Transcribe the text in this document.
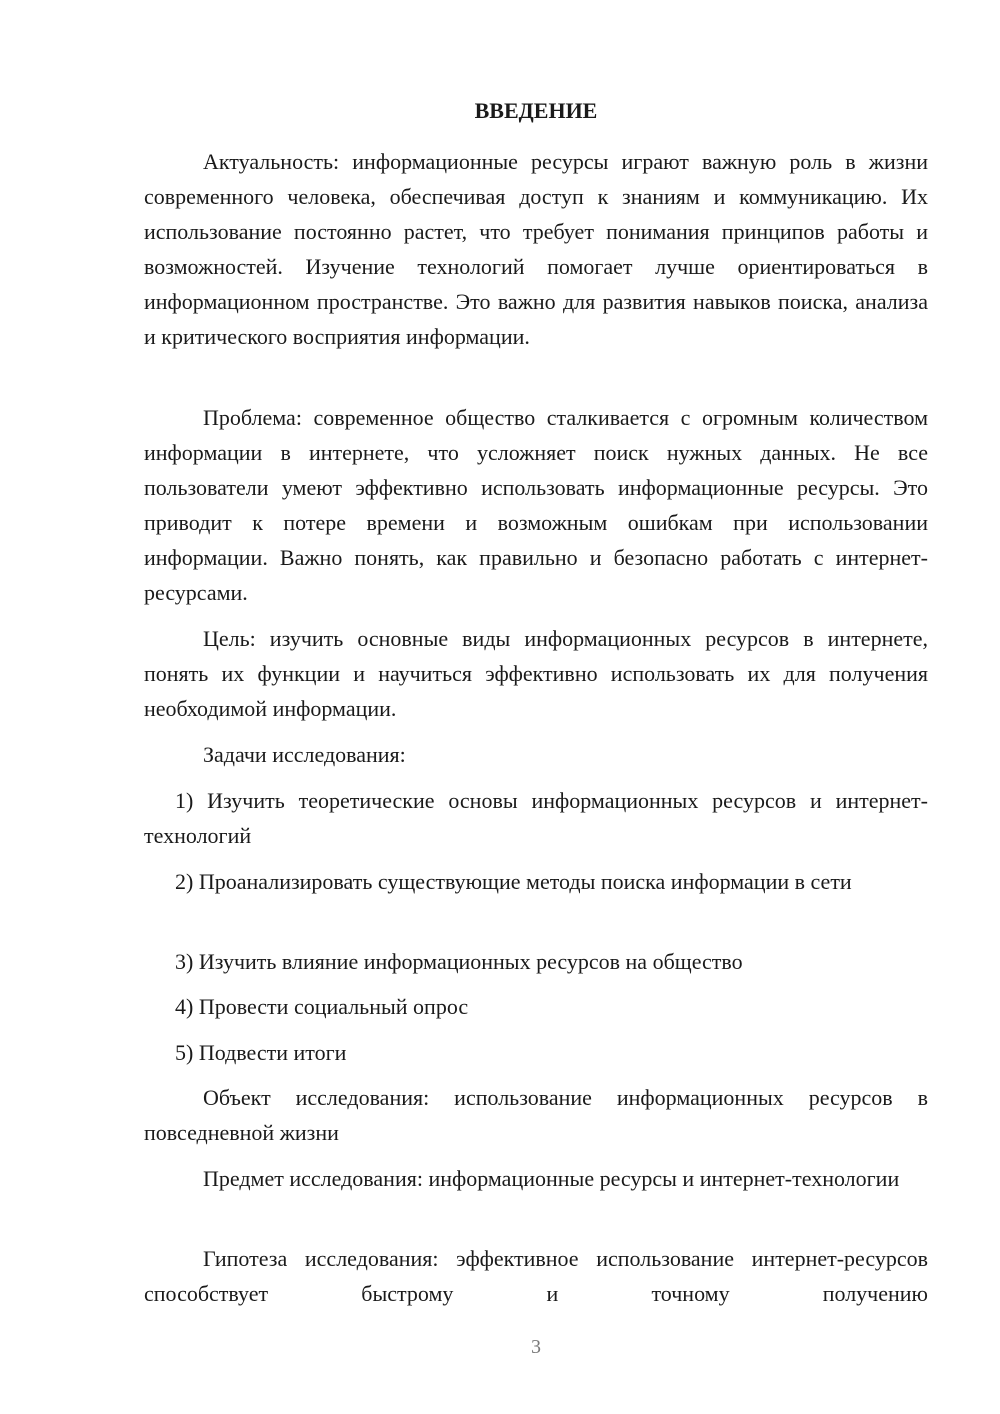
ВВЕДЕНИЕ

Актуальность: информационные ресурсы играют важную роль в жизни современного человека, обеспечивая доступ к знаниям и коммуникацию. Их использование постоянно растет, что требует понимания принципов работы и возможностей. Изучение технологий помогает лучше ориентироваться в информационном пространстве. Это важно для развития навыков поиска, анализа и критического восприятия информации.

Проблема: современное общество сталкивается с огромным количеством информации в интернете, что усложняет поиск нужных данных. Не все пользователи умеют эффективно использовать информационные ресурсы. Это приводит к потере времени и возможным ошибкам при использовании информации. Важно понять, как правильно и безопасно работать с интернет-ресурсами.

Цель: изучить основные виды информационных ресурсов в интернете, понять их функции и научиться эффективно использовать их для получения необходимой информации.

Задачи исследования:

1) Изучить теоретические основы информационных ресурсов и интернет-технологий

2) Проанализировать существующие методы поиска информации в сети

3) Изучить влияние информационных ресурсов на общество

4) Провести социальный опрос

5) Подвести итоги

Объект исследования: использование информационных ресурсов в повседневной жизни

Предмет исследования: информационные ресурсы и интернет-технологии

Гипотеза исследования: эффективное использование интернет-ресурсов способствует быстрому и точному получению

3
